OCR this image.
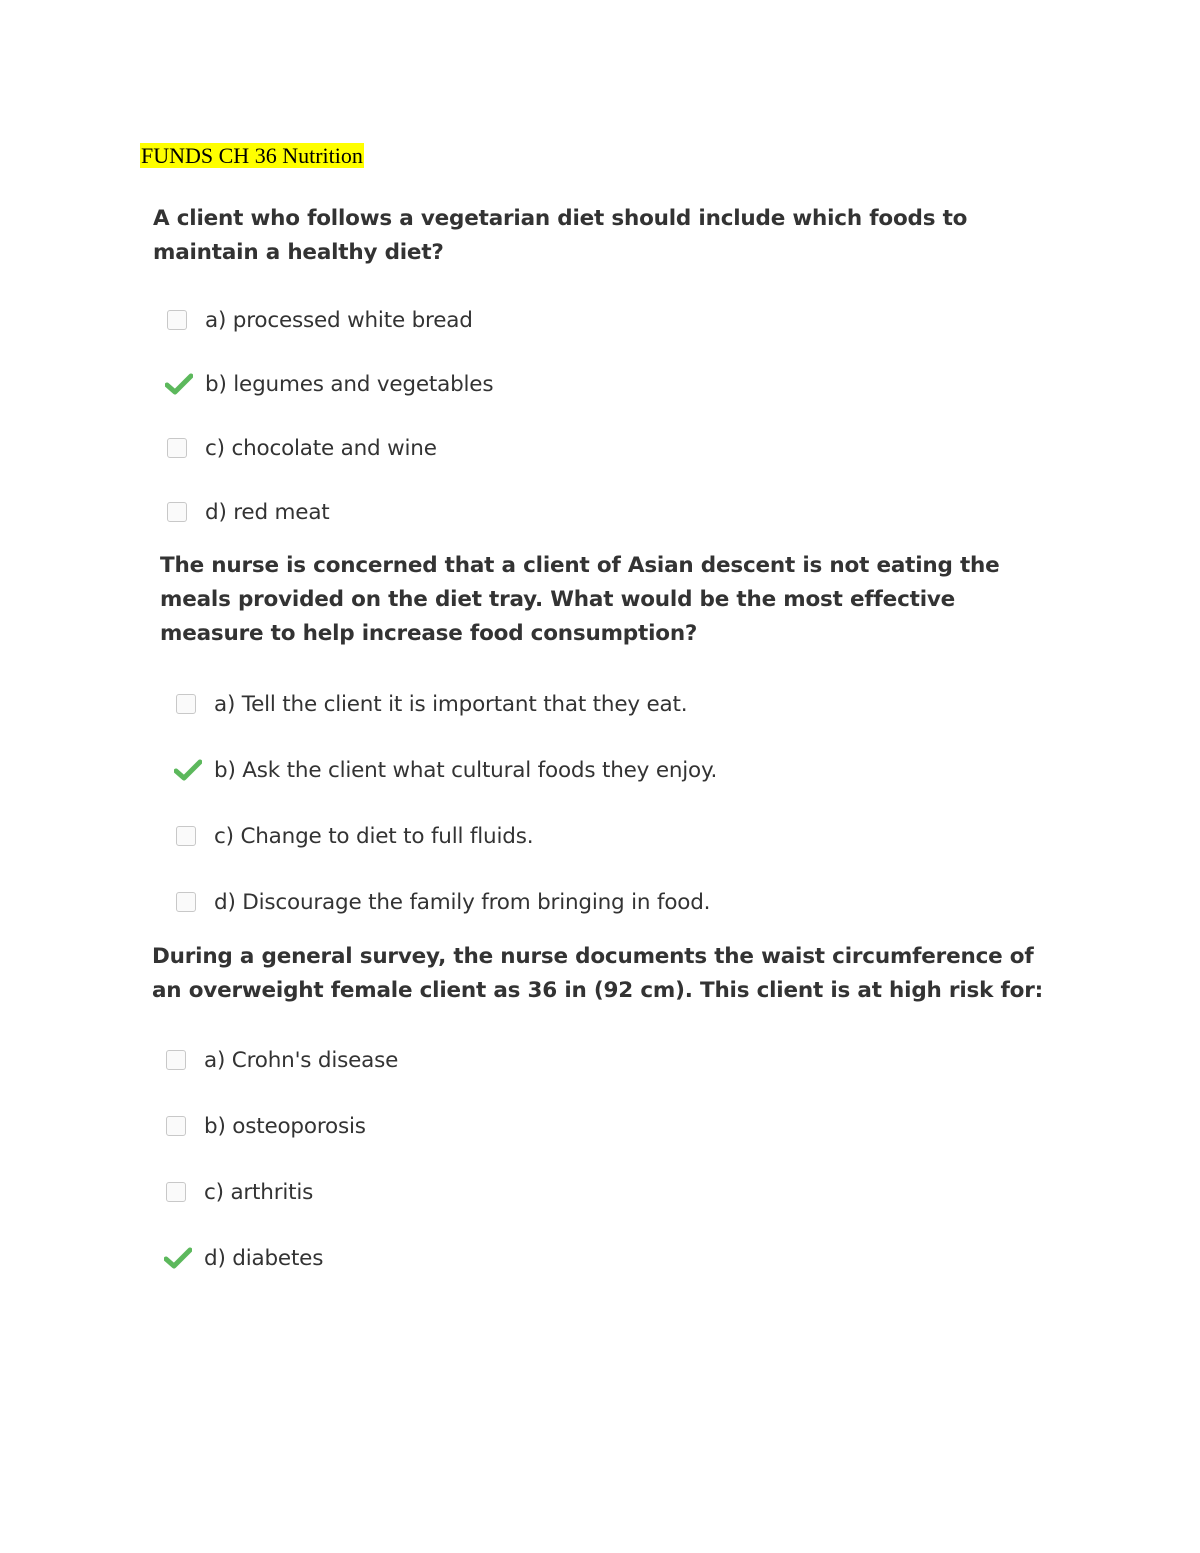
FUNDS CH 36 Nutrition
A client who follows a vegetarian diet should include which foods to maintain a healthy diet?
a) processed white bread
b) legumes and vegetables
c) chocolate and wine
d) red meat
The nurse is concerned that a client of Asian descent is not eating the meals provided on the diet tray. What would be the most effective measure to help increase food consumption?
a) Tell the client it is important that they eat.
b) Ask the client what cultural foods they enjoy.
c) Change to diet to full fluids.
d) Discourage the family from bringing in food.
During a general survey, the nurse documents the waist circumference of an overweight female client as 36 in (92 cm). This client is at high risk for:
a) Crohn's disease
b) osteoporosis
c) arthritis
d) diabetes
